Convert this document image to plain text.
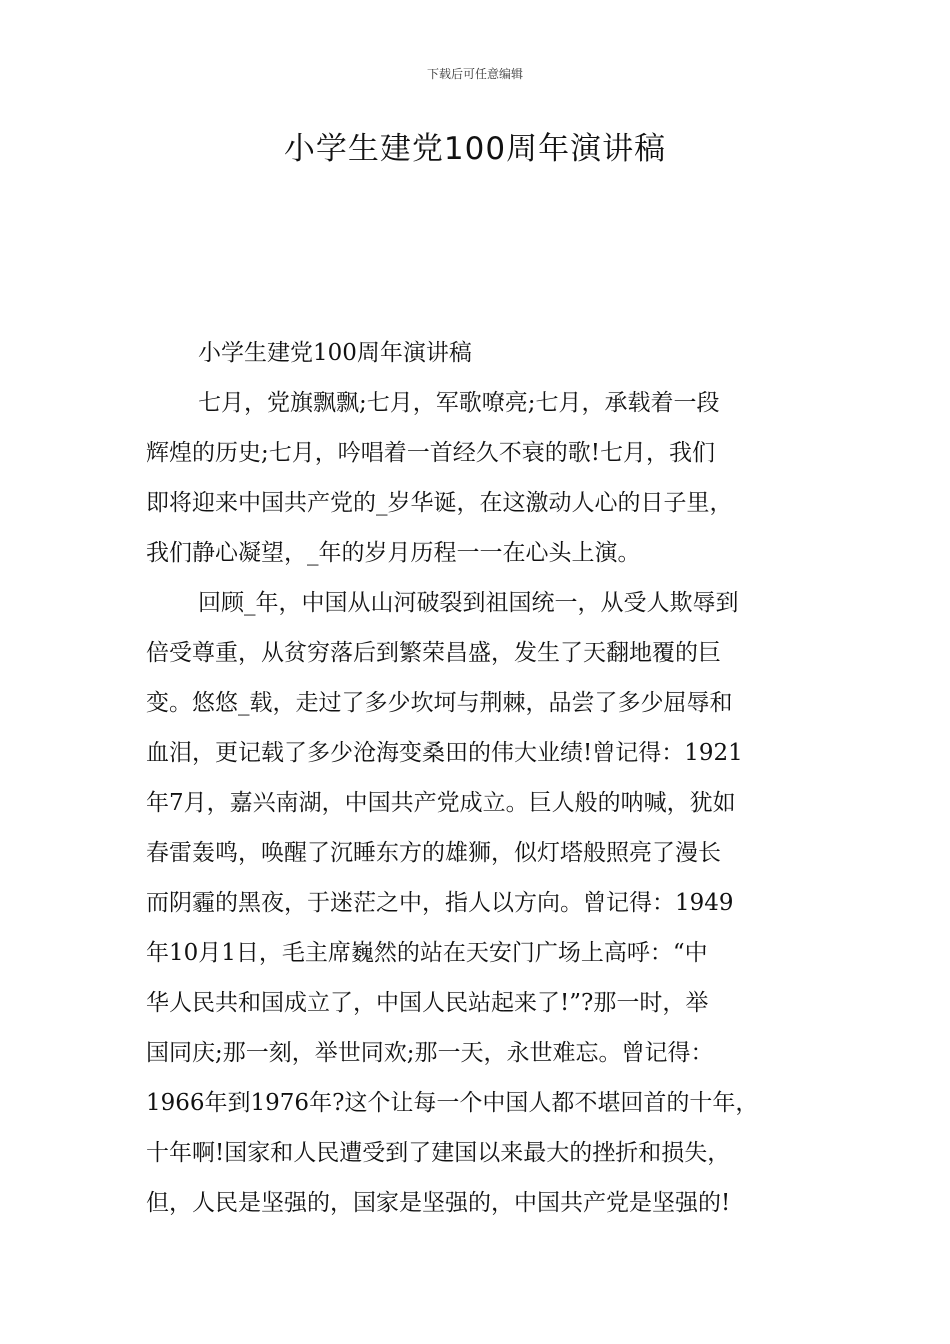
下载后可任意编辑
小学生建党100周年演讲稿
小学生建党100周年演讲稿
七月，党旗飘飘;七月，军歌嘹亮;七月，承载着一段
辉煌的历史;七月，吟唱着一首经久不衰的歌!七月，我们
即将迎来中国共产党的_岁华诞，在这激动人心的日子里，
我们静心凝望，_年的岁月历程一一在心头上演。
回顾_年，中国从山河破裂到祖国统一，从受人欺辱到
倍受尊重，从贫穷落后到繁荣昌盛，发生了天翻地覆的巨
变。悠悠_载，走过了多少坎坷与荆棘，品尝了多少屈辱和
血泪，更记载了多少沧海变桑田的伟大业绩!曾记得：1921
年7月，嘉兴南湖，中国共产党成立。巨人般的呐喊，犹如
春雷轰鸣，唤醒了沉睡东方的雄狮，似灯塔般照亮了漫长
而阴霾的黑夜，于迷茫之中，指人以方向。曾记得：1949
年10月1日，毛主席巍然的站在天安门广场上高呼：“中
华人民共和国成立了，中国人民站起来了!”?那一时，举
国同庆;那一刻，举世同欢;那一天，永世难忘。曾记得：
1966年到1976年?这个让每一个中国人都不堪回首的十年，
十年啊!国家和人民遭受到了建国以来最大的挫折和损失，
但，人民是坚强的，国家是坚强的，中国共产党是坚强的!
